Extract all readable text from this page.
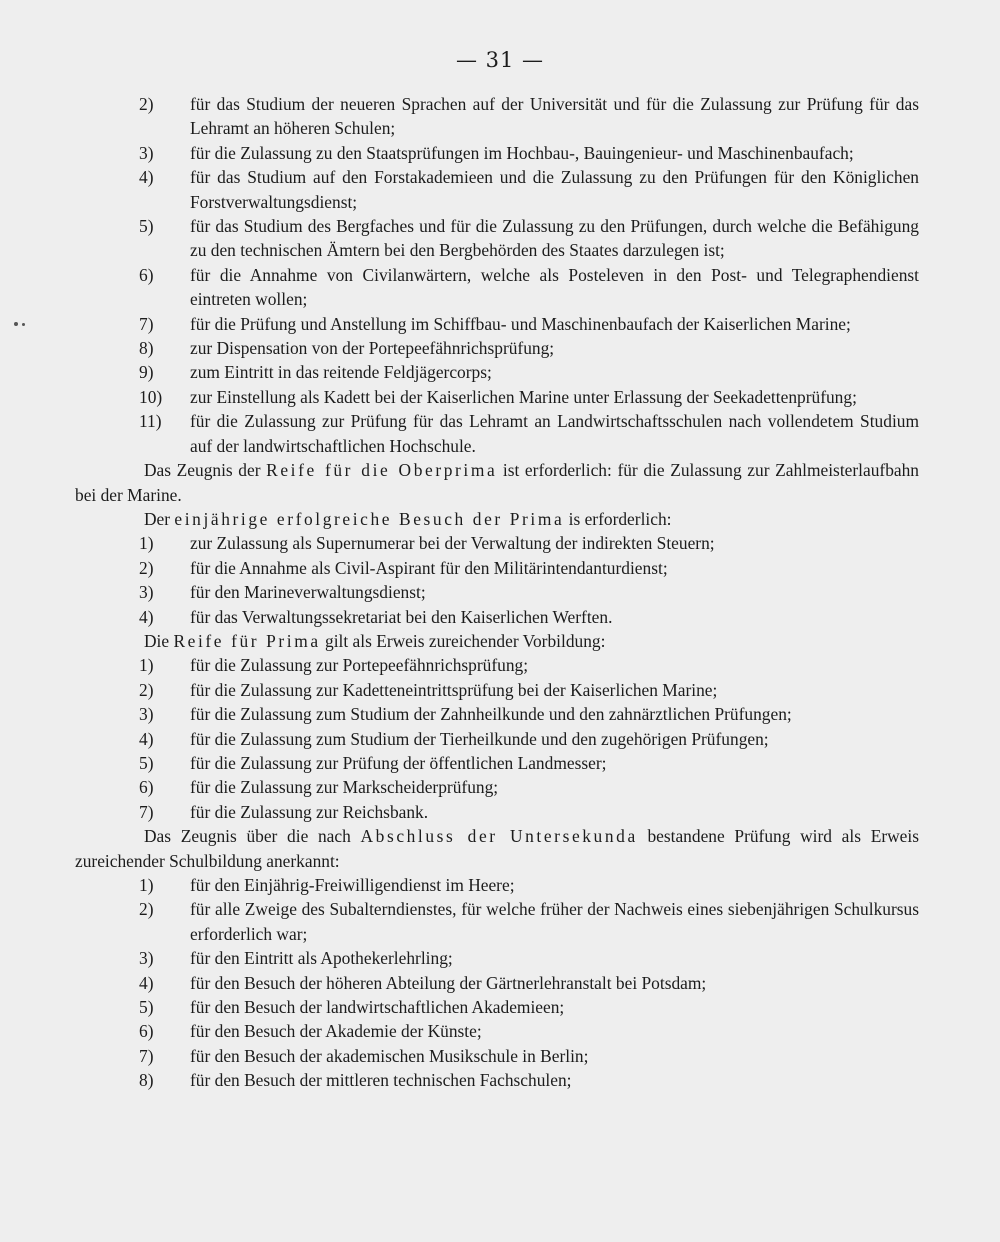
— 31 —
2)	für das Studium der neueren Sprachen auf der Universität und für die Zulassung zur Prüfung für das Lehramt an höheren Schulen;
3)	für die Zulassung zu den Staatsprüfungen im Hochbau-, Bauingenieur- und Maschinenbaufach;
4)	für das Studium auf den Forstakademieen und die Zulassung zu den Prüfungen für den Königlichen Forstverwaltungsdienst;
5)	für das Studium des Bergfaches und für die Zulassung zu den Prüfungen, durch welche die Befähigung zu den technischen Ämtern bei den Bergbehörden des Staates darzulegen ist;
6)	für die Annahme von Civilanwärtern, welche als Posteleven in den Post- und Telegraphendienst eintreten wollen;
7)	für die Prüfung und Anstellung im Schiffbau- und Maschinenbaufach der Kaiserlichen Marine;
8)	zur Dispensation von der Portepeefähnrichsprüfung;
9)	zum Eintritt in das reitende Feldjägercorps;
10)	zur Einstellung als Kadett bei der Kaiserlichen Marine unter Erlassung der Seekadettenprüfung;
11)	für die Zulassung zur Prüfung für das Lehramt an Landwirtschaftsschulen nach vollendetem Studium auf der landwirtschaftlichen Hochschule.
Das Zeugnis der Reife für die Oberprima ist erforderlich: für die Zulassung zur Zahlmeisterlaufbahn bei der Marine.
Der einjährige erfolgreiche Besuch der Prima is erforderlich:
1)	zur Zulassung als Supernumerar bei der Verwaltung der indirekten Steuern;
2)	für die Annahme als Civil-Aspirant für den Militärintendanturdienst;
3)	für den Marineverwaltungsdienst;
4)	für das Verwaltungssekretariat bei den Kaiserlichen Werften.
Die Reife für Prima gilt als Erweis zureichender Vorbildung:
1)	für die Zulassung zur Portepeefähnrichsprüfung;
2)	für die Zulassung zur Kadetteneintrittsprüfung bei der Kaiserlichen Marine;
3)	für die Zulassung zum Studium der Zahnheilkunde und den zahnärztlichen Prüfungen;
4)	für die Zulassung zum Studium der Tierheilkunde und den zugehörigen Prüfungen;
5)	für die Zulassung zur Prüfung der öffentlichen Landmesser;
6)	für die Zulassung zur Markscheiderprüfung;
7)	für die Zulassung zur Reichsbank.
Das Zeugnis über die nach Abschluss der Untersekunda bestandene Prüfung wird als Erweis zureichender Schulbildung anerkannt:
1)	für den Einjährig-Freiwilligendienst im Heere;
2)	für alle Zweige des Subalterndienstes, für welche früher der Nachweis eines siebenjährigen Schulkursus erforderlich war;
3)	für den Eintritt als Apothekerlehrling;
4)	für den Besuch der höheren Abteilung der Gärtnerlehranstalt bei Potsdam;
5)	für den Besuch der landwirtschaftlichen Akademieen;
6)	für den Besuch der Akademie der Künste;
7)	für den Besuch der akademischen Musikschule in Berlin;
8)	für den Besuch der mittleren technischen Fachschulen;
